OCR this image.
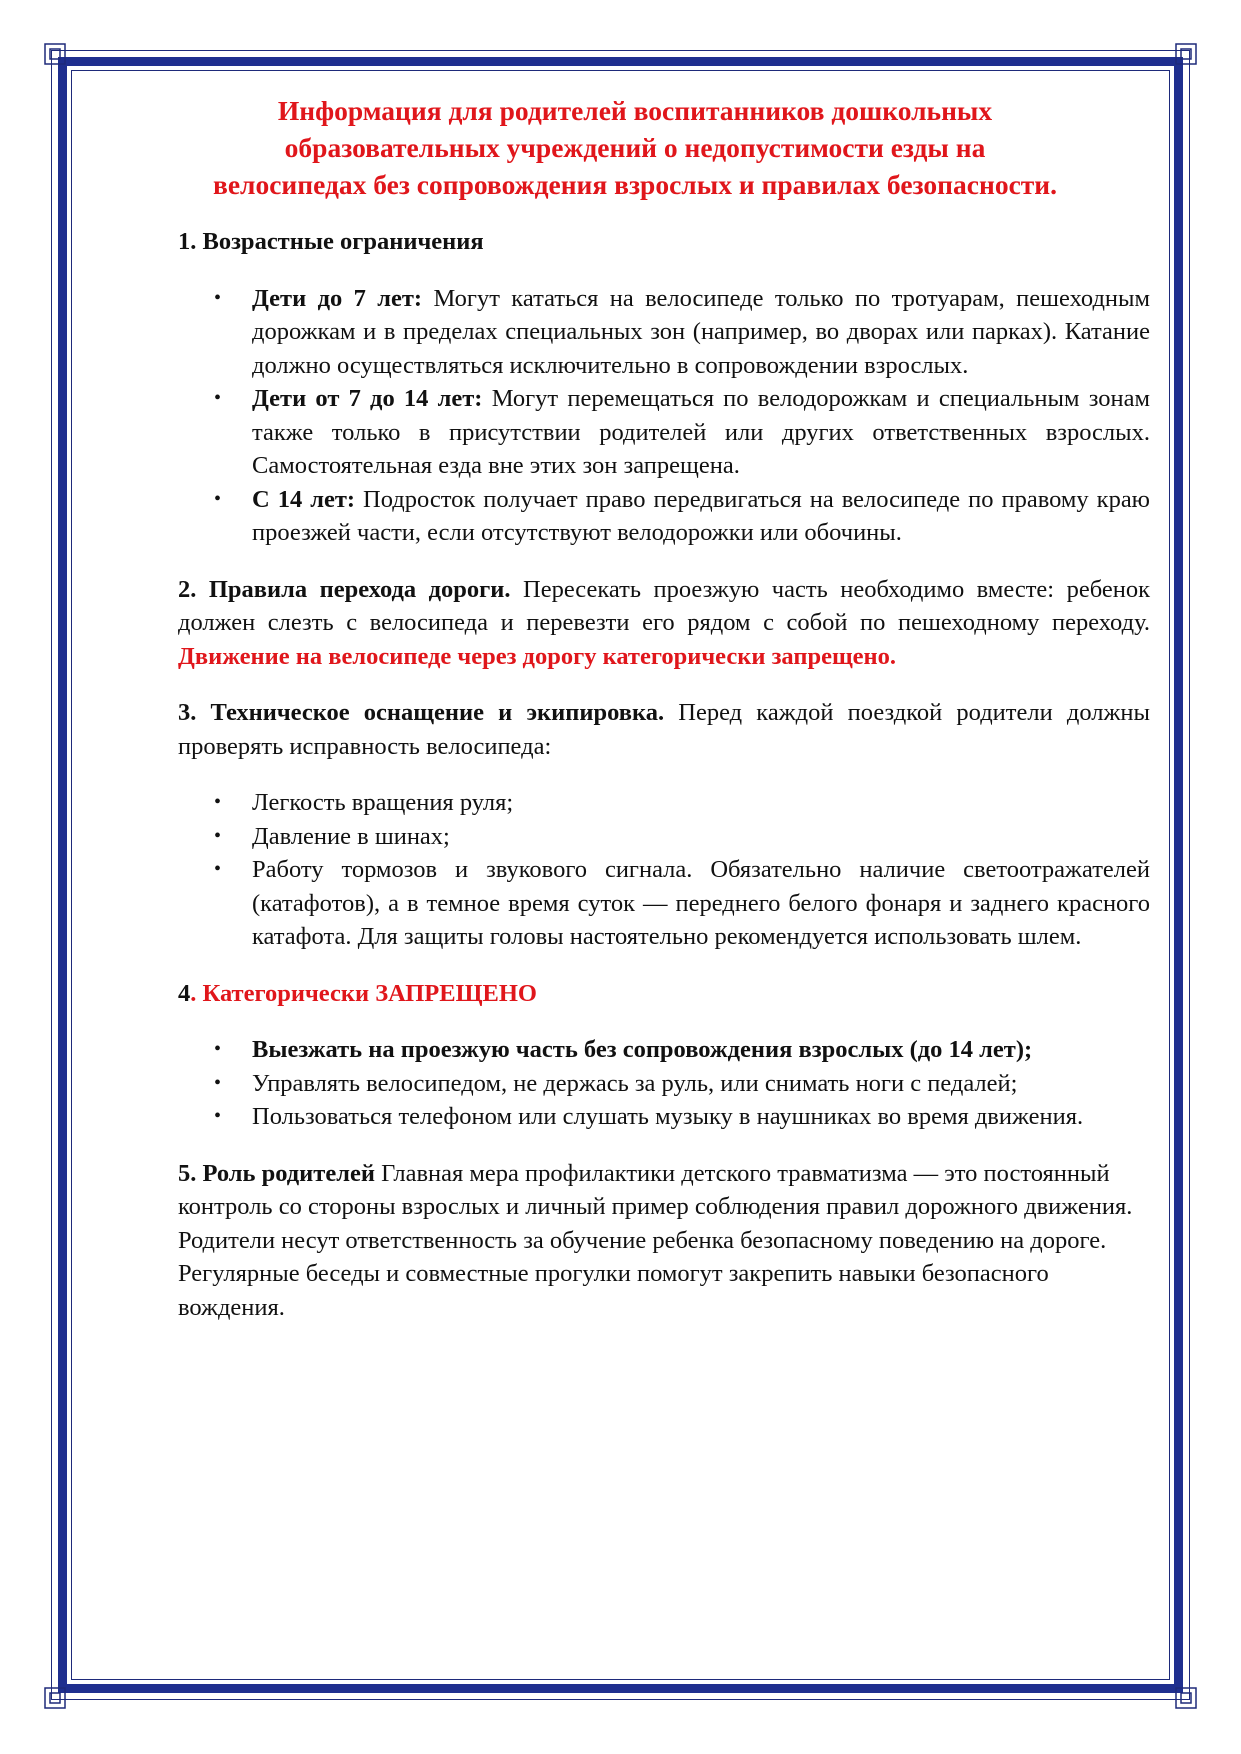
Информация для родителей воспитанников дошкольных
образовательных учреждений о недопустимости езды на
велосипедах без сопровождения взрослых и правилах безопасности.

1. Возрастные ограничения

• Дети до 7 лет: Могут кататься на велосипеде только по тротуарам, пешеходным дорожкам и в пределах специальных зон (например, во дворах или парках). Катание должно осуществляться исключительно в сопровождении взрослых.
• Дети от 7 до 14 лет: Могут перемещаться по велодорожкам и специальным зонам также только в присутствии родителей или других ответственных взрослых. Самостоятельная езда вне этих зон запрещена.
• С 14 лет: Подросток получает право передвигаться на велосипеде по правому краю проезжей части, если отсутствуют велодорожки или обочины.

2. Правила перехода дороги. Пересекать проезжую часть необходимо вместе: ребенок должен слезть с велосипеда и перевезти его рядом с собой по пешеходному переходу. Движение на велосипеде через дорогу категорически запрещено.

3. Техническое оснащение и экипировка. Перед каждой поездкой родители должны проверять исправность велосипеда:

• Легкость вращения руля;
• Давление в шинах;
• Работу тормозов и звукового сигнала. Обязательно наличие светоотражателей (катафотов), а в темное время суток — переднего белого фонаря и заднего красного катафота. Для защиты головы настоятельно рекомендуется использовать шлем.

4. Категорически ЗАПРЕЩЕНО

• Выезжать на проезжую часть без сопровождения взрослых (до 14 лет);
• Управлять велосипедом, не держась за руль, или снимать ноги с педалей;
• Пользоваться телефоном или слушать музыку в наушниках во время движения.

5. Роль родителей Главная мера профилактики детского травматизма — это постоянный контроль со стороны взрослых и личный пример соблюдения правил дорожного движения. Родители несут ответственность за обучение ребенка безопасному поведению на дороге. Регулярные беседы и совместные прогулки помогут закрепить навыки безопасного вождения.
